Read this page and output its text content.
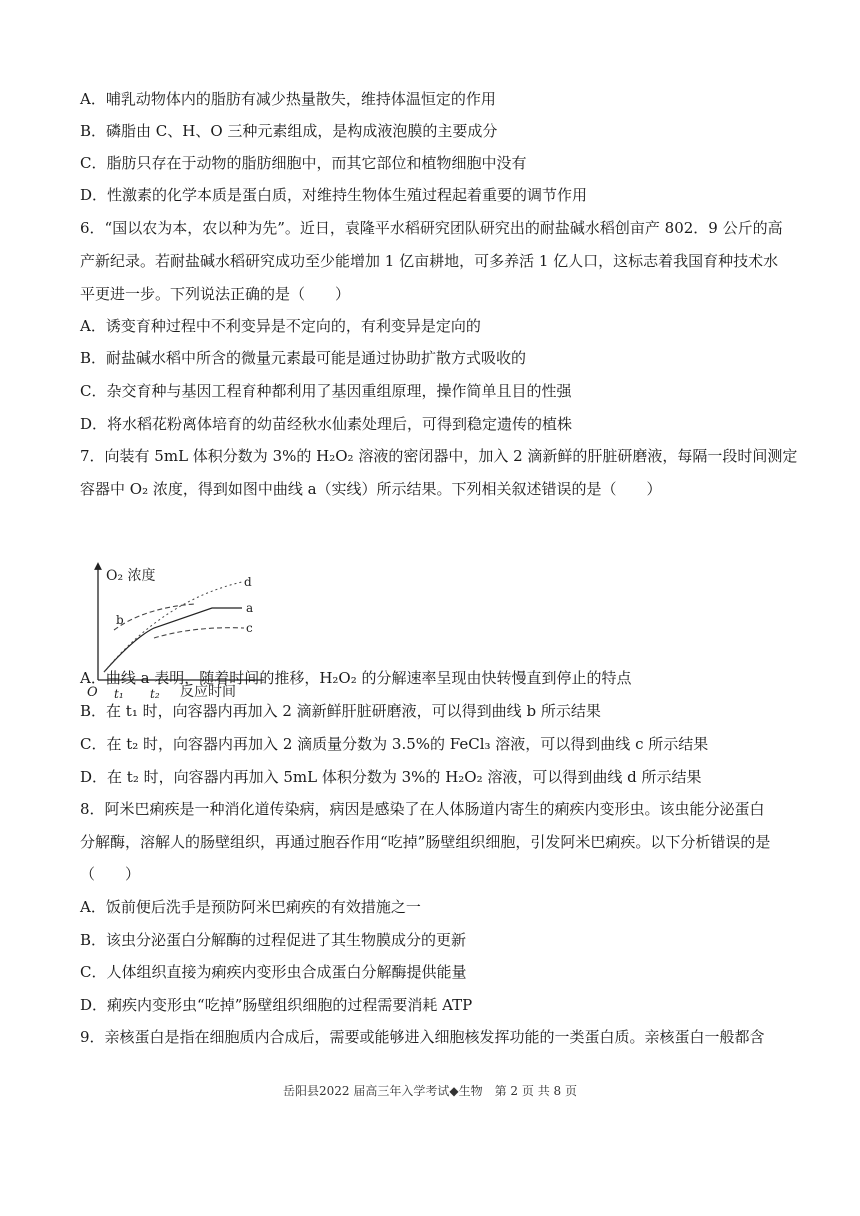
A．哺乳动物体内的脂肪有减少热量散失，维持体温恒定的作用
B．磷脂由 C、H、O 三种元素组成，是构成液泡膜的主要成分
C．脂肪只存在于动物的脂肪细胞中，而其它部位和植物细胞中没有
D．性激素的化学本质是蛋白质，对维持生物体生殖过程起着重要的调节作用
6．“国以农为本，农以种为先”。近日，袁隆平水稻研究团队研究出的耐盐碱水稻创亩产 802．9 公斤的高
产新纪录。若耐盐碱水稻研究成功至少能增加 1 亿亩耕地，可多养活 1 亿人口，这标志着我国育种技术水
平更进一步。下列说法正确的是（　　）
A．诱变育种过程中不利变异是不定向的，有利变异是定向的
B．耐盐碱水稻中所含的微量元素最可能是通过协助扩散方式吸收的
C．杂交育种与基因工程育种都利用了基因重组原理，操作简单且目的性强
D．将水稻花粉离体培育的幼苗经秋水仙素处理后，可得到稳定遗传的植株
7．向装有 5mL 体积分数为 3%的 H₂O₂ 溶液的密闭器中，加入 2 滴新鲜的肝脏研磨液，每隔一段时间测定
容器中 O₂ 浓度，得到如图中曲线 a（实线）所示结果。下列相关叙述错误的是（　　）
O₂ 浓度
O t₁ t₂ 反应时间
a
b
c
d
A．曲线 a 表明，随着时间的推移，H₂O₂ 的分解速率呈现由快转慢直到停止的特点
B．在 t₁ 时，向容器内再加入 2 滴新鲜肝脏研磨液，可以得到曲线 b 所示结果
C．在 t₂ 时，向容器内再加入 2 滴质量分数为 3.5%的 FeCl₃ 溶液，可以得到曲线 c 所示结果
D．在 t₂ 时，向容器内再加入 5mL 体积分数为 3%的 H₂O₂ 溶液，可以得到曲线 d 所示结果
8．阿米巴痢疾是一种消化道传染病，病因是感染了在人体肠道内寄生的痢疾内变形虫。该虫能分泌蛋白
分解酶，溶解人的肠壁组织，再通过胞吞作用“吃掉”肠壁组织细胞，引发阿米巴痢疾。以下分析错误的是
（　　）
A．饭前便后洗手是预防阿米巴痢疾的有效措施之一
B．该虫分泌蛋白分解酶的过程促进了其生物膜成分的更新
C．人体组织直接为痢疾内变形虫合成蛋白分解酶提供能量
D．痢疾内变形虫“吃掉”肠壁组织细胞的过程需要消耗 ATP
9．亲核蛋白是指在细胞质内合成后，需要或能够进入细胞核发挥功能的一类蛋白质。亲核蛋白一般都含
岳阳县2022 届高三年入学考试◆生物　第 2 页 共 8 页
